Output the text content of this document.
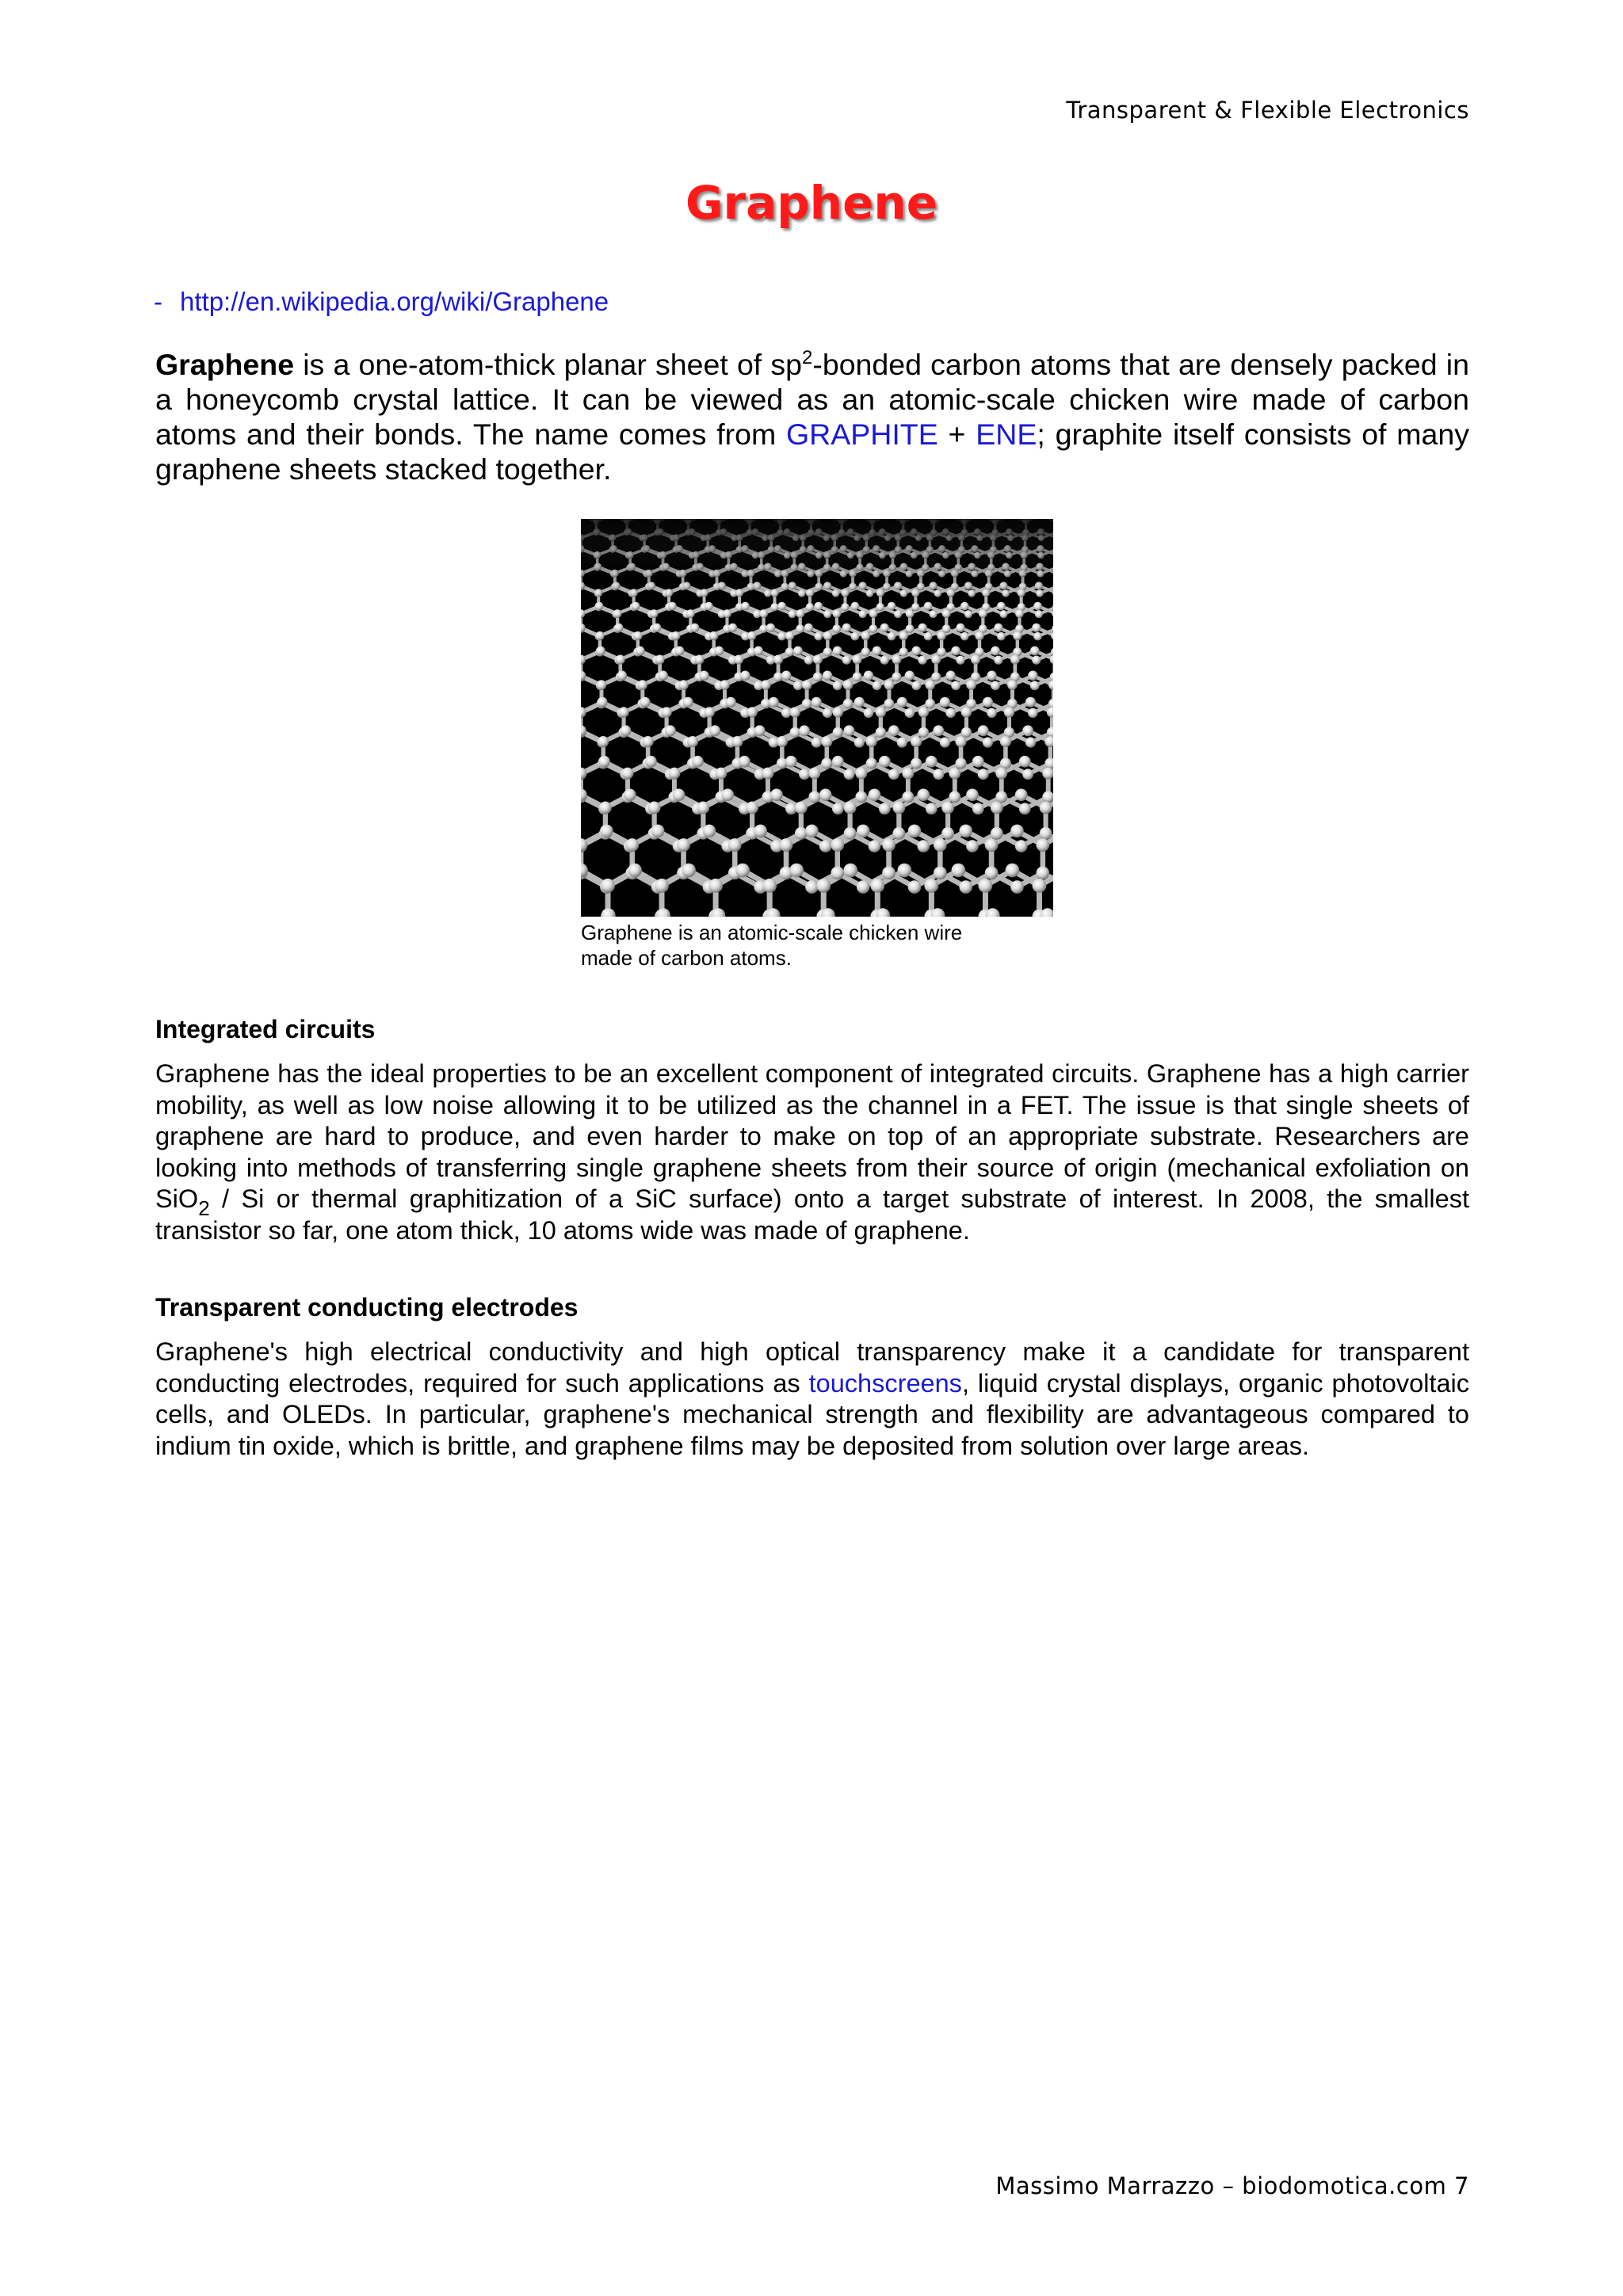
Transparent & Flexible Electronics
Graphene
- http://en.wikipedia.org/wiki/Graphene
Graphene is a one-atom-thick planar sheet of $sp^2$-bonded carbon atoms that are densely packed in a honeycomb crystal lattice. It can be viewed as an atomic-scale chicken wire made of carbon atoms and their bonds. The name comes from GRAPHITE + ENE; graphite itself consists of many graphene sheets stacked together.
Graphene is an atomic-scale chicken wire
made of carbon atoms.
Integrated circuits
Graphene has the ideal properties to be an excellent component of integrated circuits. Graphene has a high carrier mobility, as well as low noise allowing it to be utilized as the channel in a FET. The issue is that single sheets of graphene are hard to produce, and even harder to make on top of an appropriate substrate. Researchers are looking into methods of transferring single graphene sheets from their source of origin (mechanical exfoliation on SiO$_2$ / Si or thermal graphitization of a SiC surface) onto a target substrate of interest. In 2008, the smallest transistor so far, one atom thick, 10 atoms wide was made of graphene.
Transparent conducting electrodes
Graphene's high electrical conductivity and high optical transparency make it a candidate for transparent conducting electrodes, required for such applications as touchscreens, liquid crystal displays, organic photovoltaic cells, and OLEDs. In particular, graphene's mechanical strength and flexibility are advantageous compared to indium tin oxide, which is brittle, and graphene films may be deposited from solution over large areas.
Massimo Marrazzo – biodomotica.com 7
